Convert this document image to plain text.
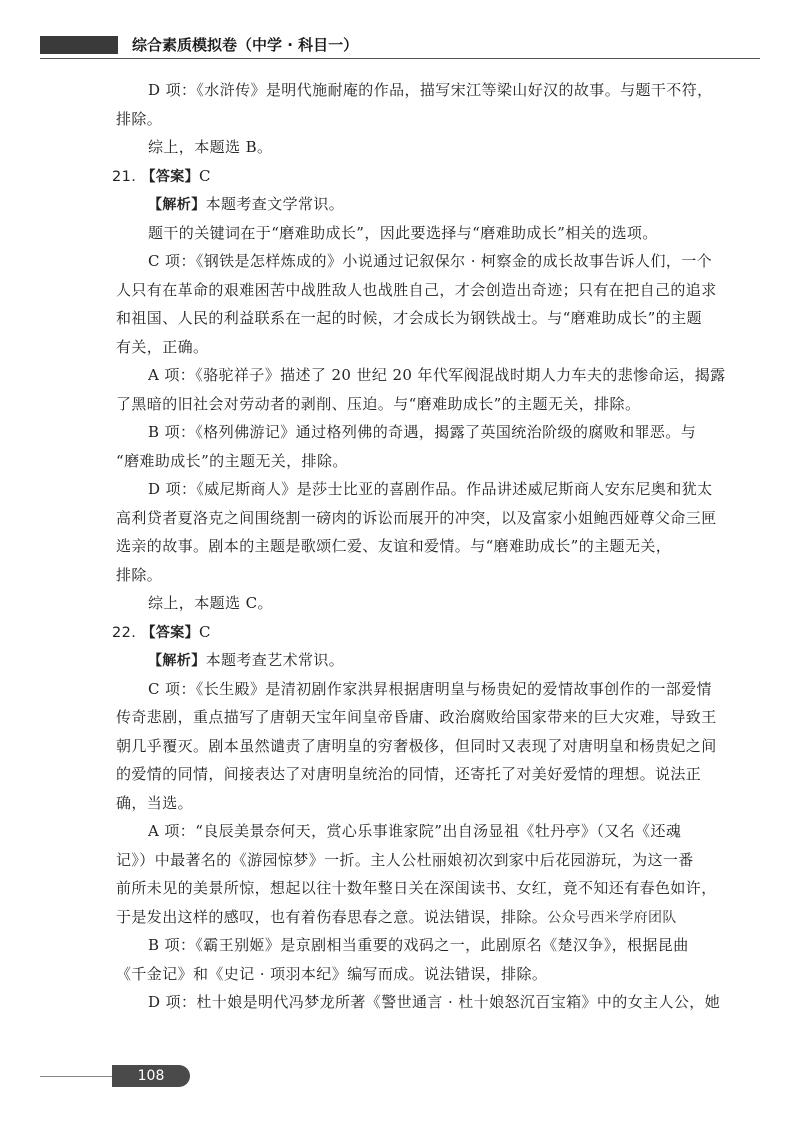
综合素质模拟卷（中学 · 科目一）
D 项：《水浒传》是明代施耐庵的作品，描写宋江等梁山好汉的故事。与题干不符，
排除。
综上，本题选 B。
21. 【答案】C
【解析】本题考查文学常识。
题干的关键词在于“磨难助成长”，因此要选择与“磨难助成长”相关的选项。
C 项：《钢铁是怎样炼成的》小说通过记叙保尔 · 柯察金的成长故事告诉人们，一个
人只有在革命的艰难困苦中战胜敌人也战胜自己，才会创造出奇迹；只有在把自己的追求
和祖国、人民的利益联系在一起的时候，才会成长为钢铁战士。与“磨难助成长”的主题
有关，正确。
A 项：《骆驼祥子》描述了 20 世纪 20 年代军阀混战时期人力车夫的悲惨命运，揭露
了黑暗的旧社会对劳动者的剥削、压迫。与“磨难助成长”的主题无关，排除。
B 项：《格列佛游记》通过格列佛的奇遇，揭露了英国统治阶级的腐败和罪恶。与
“磨难助成长”的主题无关，排除。
D 项：《威尼斯商人》是莎士比亚的喜剧作品。作品讲述威尼斯商人安东尼奥和犹太
高利贷者夏洛克之间围绕割一磅肉的诉讼而展开的冲突，以及富家小姐鲍西娅尊父命三匣
选亲的故事。剧本的主题是歌颂仁爱、友谊和爱情。与“磨难助成长”的主题无关，
排除。
综上，本题选 C。
22. 【答案】C
【解析】本题考查艺术常识。
C 项：《长生殿》是清初剧作家洪昇根据唐明皇与杨贵妃的爱情故事创作的一部爱情
传奇悲剧，重点描写了唐朝天宝年间皇帝昏庸、政治腐败给国家带来的巨大灾难，导致王
朝几乎覆灭。剧本虽然谴责了唐明皇的穷奢极侈，但同时又表现了对唐明皇和杨贵妃之间
的爱情的同情，间接表达了对唐明皇统治的同情，还寄托了对美好爱情的理想。说法正
确，当选。
A 项：“良辰美景奈何天，赏心乐事谁家院”出自汤显祖《牡丹亭》（又名《还魂
记》）中最著名的《游园惊梦》一折。主人公杜丽娘初次到家中后花园游玩，为这一番
前所未见的美景所惊，想起以往十数年整日关在深闺读书、女红，竟不知还有春色如许，
于是发出这样的感叹，也有着伤春思春之意。说法错误，排除。公众号西米学府团队
B 项：《霸王别姬》是京剧相当重要的戏码之一，此剧原名《楚汉争》，根据昆曲
《千金记》和《史记 · 项羽本纪》编写而成。说法错误，排除。
D 项：杜十娘是明代冯梦龙所著《警世通言 · 杜十娘怒沉百宝箱》中的女主人公，她
108
